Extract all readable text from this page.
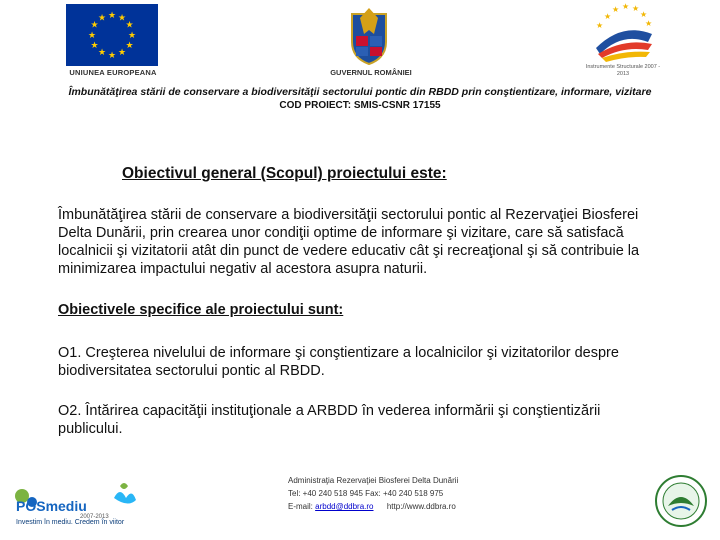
★ ★
★
★
★
★
★
★
★
★
★
★
UNIUNEA EUROPEANA	GUVERNUL ROMÂNIEI
★ ★ ★
★
★
★	★
Instrumente Structurale 2007 - 2013
Îmbunătăţirea stării de conservare a biodiversităţii sectorului pontic din RBDD prin conştientizare, informare, vizitare
COD PROIECT: SMIS-CSNR 17155
Obiectivul general (Scopul) proiectului este:
Îmbunătăţirea stării de conservare a biodiversităţii sectorului pontic al Rezervaţiei Biosferei Delta Dunării, prin crearea unor condiţii optime de informare şi vizitare, care să satisfacă localnicii şi vizitatorii atât din punct de vedere educativ cât şi recreaţional şi să contribuie la minimizarea impactului negativ al acestora asupra naturii.
Obiectivele specifice ale proiectului sunt:
O1. Creşterea nivelului de informare şi conştientizare a localnicilor şi vizitatorilor despre biodiversitatea sectorului pontic al RBDD.
O2. Întărirea capacităţii instituţionale a ARBDD în vederea informării şi conştientizării publicului.
POSmediu
2007-2013
Investim în mediu. Credem în viitor
Administraţia Rezervaţiei Biosferei Delta Dunării
Tel: +40 240 518 945 Fax: +40 240 518 975
E-mail: arbdd@ddbra.ro http://www.ddbra.ro
